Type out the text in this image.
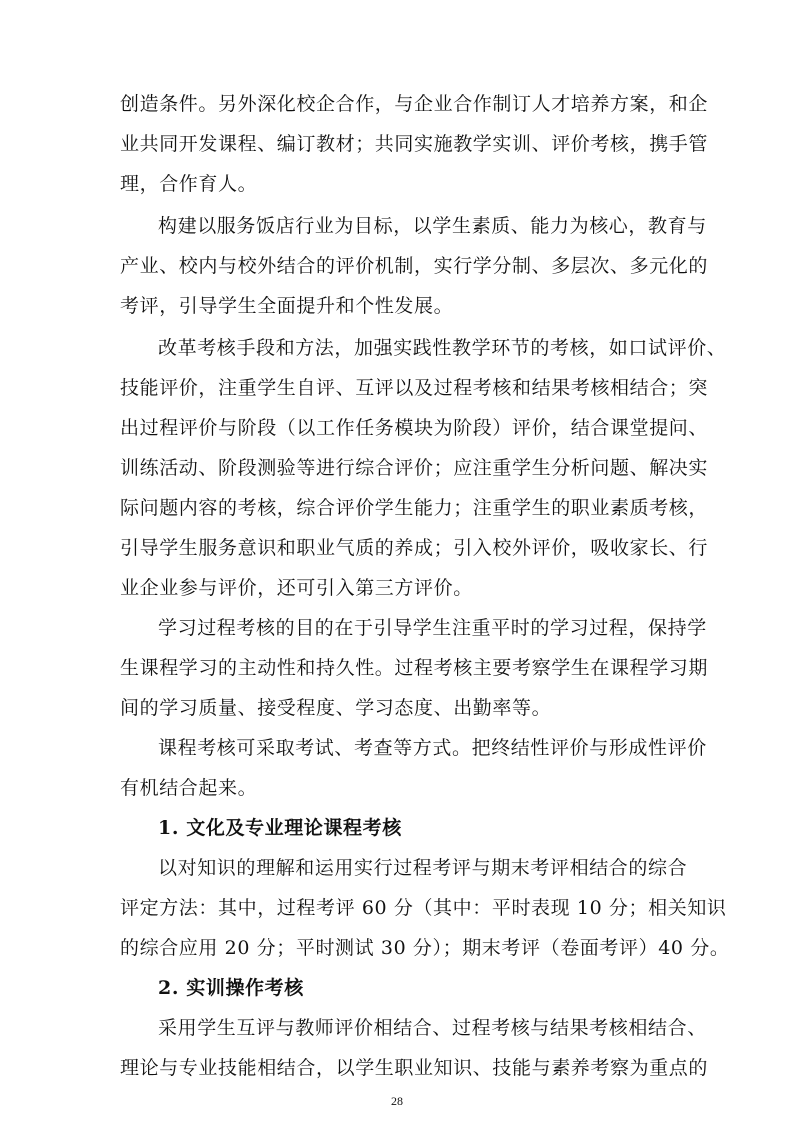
创造条件。另外深化校企合作，与企业合作制订人才培养方案，和企
业共同开发课程、编订教材；共同实施教学实训、评价考核，携手管
理，合作育人。
构建以服务饭店行业为目标，以学生素质、能力为核心，教育与
产业、校内与校外结合的评价机制，实行学分制、多层次、多元化的
考评，引导学生全面提升和个性发展。
改革考核手段和方法，加强实践性教学环节的考核，如口试评价、
技能评价，注重学生自评、互评以及过程考核和结果考核相结合；突
出过程评价与阶段（以工作任务模块为阶段）评价，结合课堂提问、
训练活动、阶段测验等进行综合评价；应注重学生分析问题、解决实
际问题内容的考核，综合评价学生能力；注重学生的职业素质考核，
引导学生服务意识和职业气质的养成；引入校外评价，吸收家长、行
业企业参与评价，还可引入第三方评价。
学习过程考核的目的在于引导学生注重平时的学习过程，保持学
生课程学习的主动性和持久性。过程考核主要考察学生在课程学习期
间的学习质量、接受程度、学习态度、出勤率等。
课程考核可采取考试、考查等方式。把终结性评价与形成性评价
有机结合起来。
1. 文化及专业理论课程考核
以对知识的理解和运用实行过程考评与期末考评相结合的综合
评定方法：其中，过程考评 60 分（其中：平时表现 10 分；相关知识
的综合应用 20 分；平时测试 30 分）；期末考评（卷面考评）40 分。
28
2. 实训操作考核
采用学生互评与教师评价相结合、过程考核与结果考核相结合、
理论与专业技能相结合，以学生职业知识、技能与素养考察为重点的
